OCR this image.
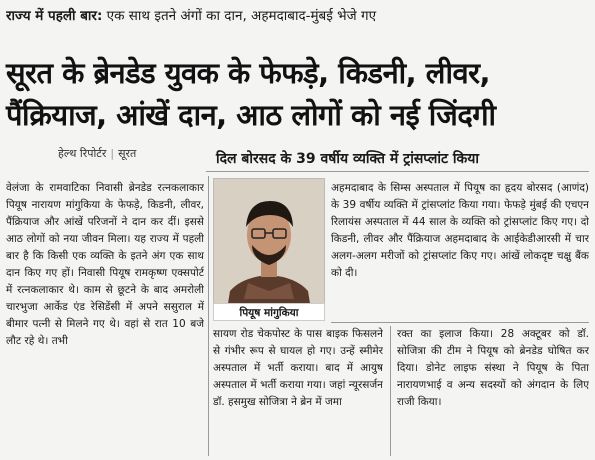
राज्य में पहली बार: एक साथ इतने अंगों का दान, अहमदाबाद-मुंबई भेजे गए
सूरत के ब्रेनडेड युवक के फेफड़े, किडनी, लीवर,
पैंक्रियाज, आंखें दान, आठ लोगों को नई जिंदगी
हेल्थ रिपोर्टर | सूरत	दिल बोरसद के 39 वर्षीय व्यक्ति में ट्रांसप्लांट किया
वेलंजा के रामवाटिका निवासी ब्रेनडेड रत्नकलाकार पियूष नारायण मांगुकिया के फेफड़े, किडनी, लीवर, पैंक्रियाज और आंखें परिजनों ने दान कर दीं। इससे आठ लोगों को नया जीवन मिला। यह राज्य में पहली बार है कि किसी एक व्यक्ति के इतने अंग एक साथ दान किए गए हों। निवासी पियूष रामकृष्ण एक्सपोर्ट में रत्नकलाकार थे। काम से छूटने के बाद अमरोली चारभुजा आर्केड एंड रेसिडेंसी में अपने ससुराल में बीमार पत्नी से मिलने गए थे। वहां से रात 10 बजे लौट रहे थे। तभी
पियूष मांगुकिया
अहमदाबाद के सिम्स अस्पताल में पियूष का हृदय बोरसद (आणंद) के 39 वर्षीय व्यक्ति में ट्रांसप्लांट किया गया। फेफड़े मुंबई की एचएन रिलायंस अस्पताल में 44 साल के व्यक्ति को ट्रांसप्लांट किए गए। दो किडनी, लीवर और पैंक्रियाज अहमदाबाद के आईकेडीआरसी में चार अलग-अलग मरीजों को ट्रांसप्लांट किए गए। आंखें लोकदृष्ट चक्षु बैंक को दी।
सायण रोड चेकपोस्ट के पास बाइक फिसलने से गंभीर रूप से घायल हो गए। उन्हें स्मीमेर अस्पताल में भर्ती कराया। बाद में आयुष अस्पताल में भर्ती कराया गया। जहां न्यूरसर्जन डॉ. हसमुख सोजित्रा ने ब्रेन में जमा
रक्त का इलाज किया। 28 अक्टूबर को डॉ. सोजित्रा की टीम ने पियूष को ब्रेनडेड घोषित कर दिया। डोनेट लाइफ संस्था ने पियूष के पिता नारायणभाई व अन्य सदस्यों को अंगदान के लिए राजी किया।
